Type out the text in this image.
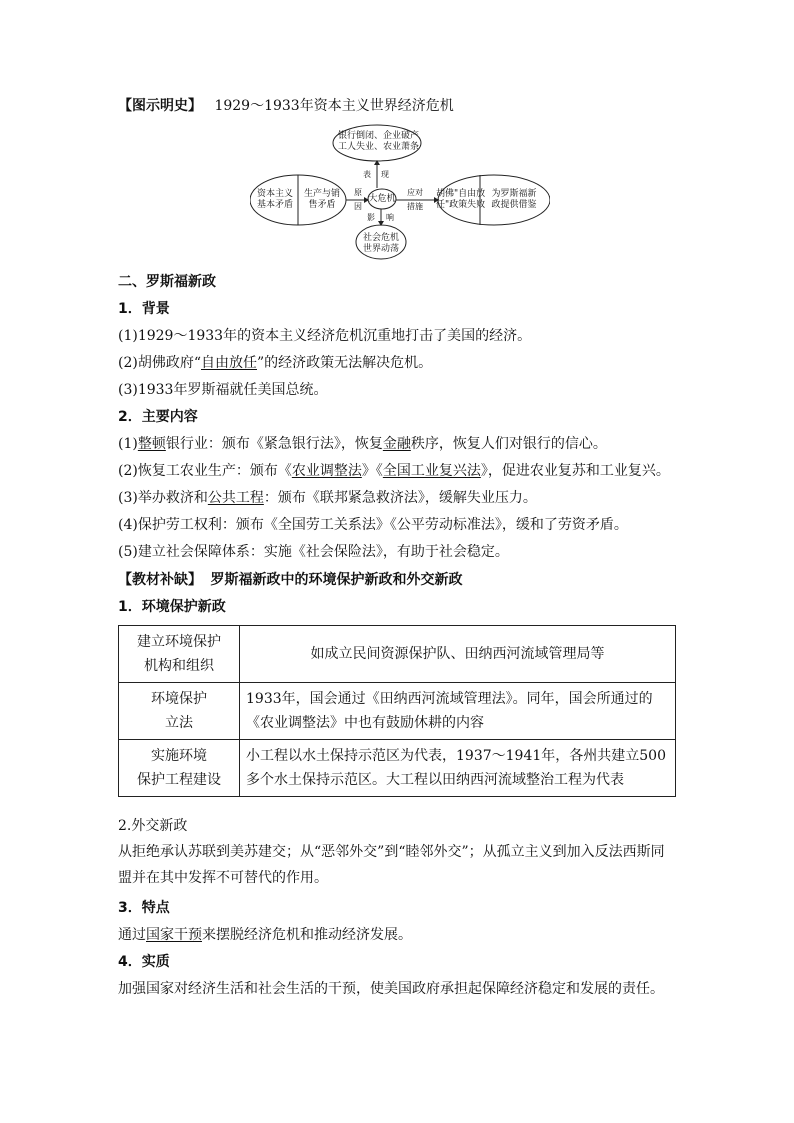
【图示明史】 1929～1933年资本主义世界经济危机
银行倒闭、企业破产
工人失业、农业萧条
资本主义
基本矛盾
生产与销
售矛盾
大危机	胡佛"自由放
任"政策失败
为罗斯福新
政提供借鉴
社会危机
世界动荡
表 现
原
因
应对
措施
影 响
二、罗斯福新政
1．背景
(1)1929～1933年的资本主义经济危机沉重地打击了美国的经济。
(2)胡佛政府“自由放任”的经济政策无法解决危机。
(3)1933年罗斯福就任美国总统。
2．主要内容
(1)整顿银行业：颁布《紧急银行法》，恢复金融秩序，恢复人们对银行的信心。
(2)恢复工农业生产：颁布《农业调整法》《全国工业复兴法》，促进农业复苏和工业复兴。
(3)举办救济和公共工程：颁布《联邦紧急救济法》，缓解失业压力。
(4)保护劳工权利：颁布《全国劳工关系法》《公平劳动标准法》，缓和了劳资矛盾。
(5)建立社会保障体系：实施《社会保险法》，有助于社会稳定。
【教材补缺】 罗斯福新政中的环境保护新政和外交新政
1．环境保护新政
建立环境保护
机构和组织	如成立民间资源保护队、田纳西河流域管理局等

环境保护
立法	1933年，国会通过《田纳西河流域管理法》。同年，国会所通过的《农业调整法》中也有鼓励休耕的内容

实施环境
保护工程建设	小工程以水土保持示范区为代表，1937～1941年，各州共建立500多个水土保持示范区。大工程以田纳西河流域整治工程为代表
2.外交新政
从拒绝承认苏联到美苏建交；从“恶邻外交”到“睦邻外交”；从孤立主义到加入反法西斯同盟并在其中发挥不可替代的作用。
3．特点
通过国家干预来摆脱经济危机和推动经济发展。
4．实质
加强国家对经济生活和社会生活的干预，使美国政府承担起保障经济稳定和发展的责任。
